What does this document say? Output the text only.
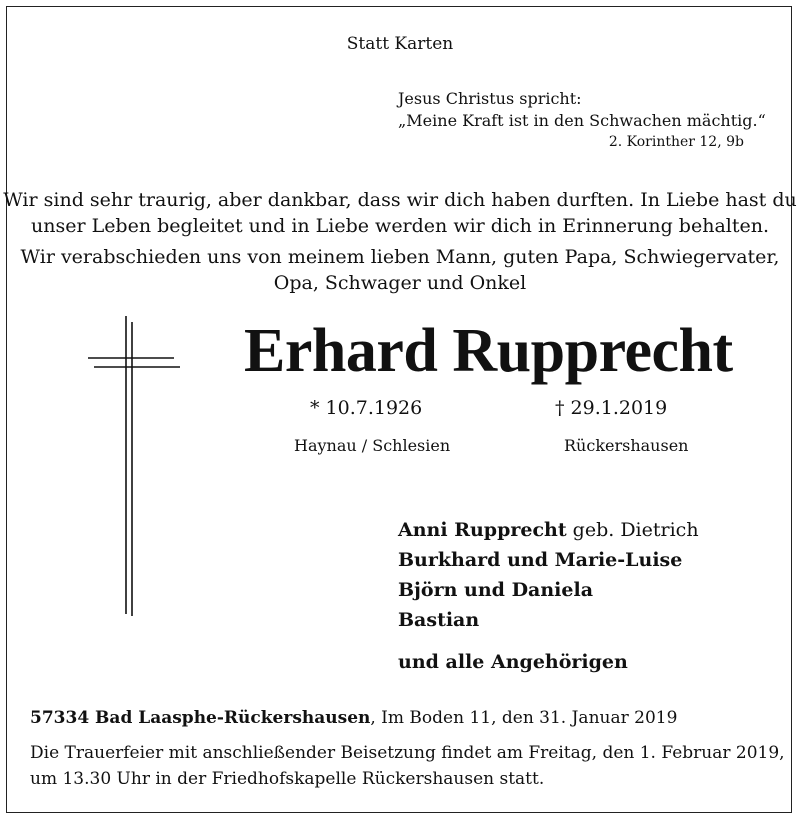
Statt Karten
Jesus Christus spricht:
„Meine Kraft ist in den Schwachen mächtig.“
2. Korinther 12, 9b
Wir sind sehr traurig, aber dankbar, dass wir dich haben durften. In Liebe hast du
unser Leben begleitet und in Liebe werden wir dich in Erinnerung behalten.
Wir verabschieden uns von meinem lieben Mann, guten Papa, Schwiegervater,
Opa, Schwager und Onkel
Erhard Rupprecht
* 10.7.1926	† 29.1.2019
Haynau / Schlesien	Rückershausen
Anni Rupprecht geb. Dietrich
Burkhard und Marie-Luise
Björn und Daniela
Bastian
und alle Angehörigen
57334 Bad Laasphe-Rückershausen, Im Boden 11, den 31. Januar 2019
Die Trauerfeier mit anschließender Beisetzung findet am Freitag, den 1. Februar 2019,
um 13.30 Uhr in der Friedhofskapelle Rückershausen statt.
